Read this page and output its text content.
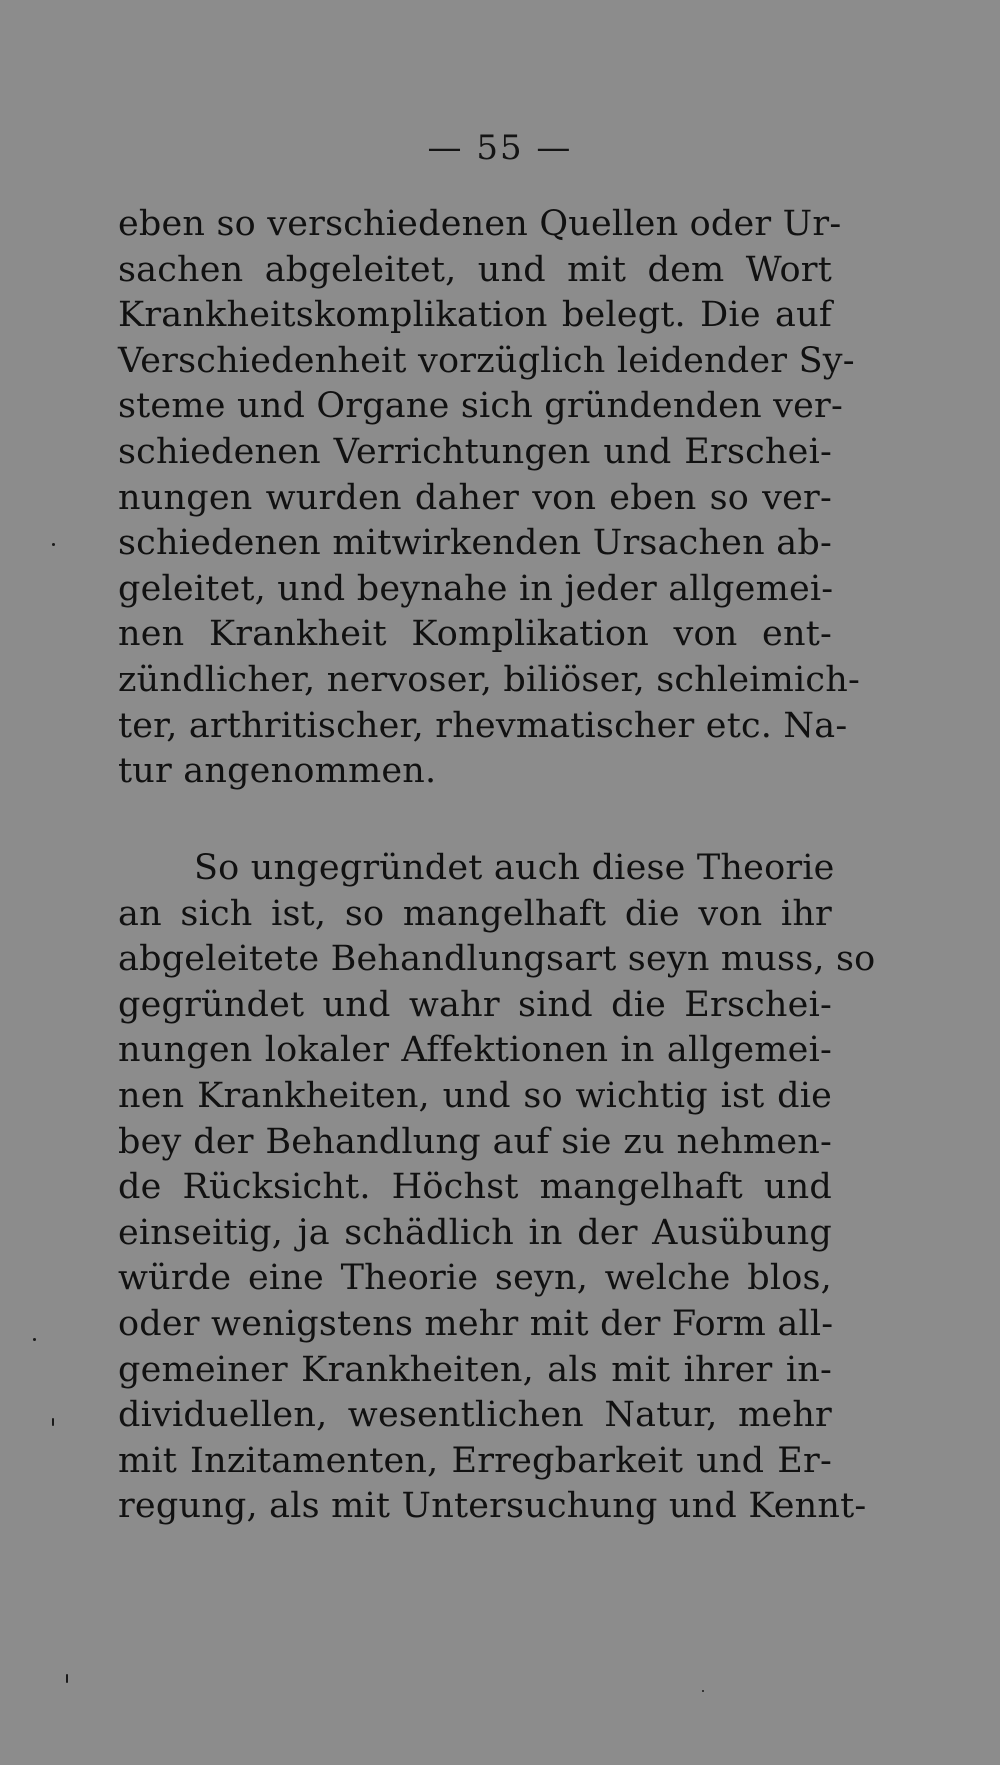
— 55 —
eben so verschiedenen Quellen oder Ur-
sachen abgeleitet, und mit dem Wort
Krankheitskomplikation belegt. Die auf
Verschiedenheit vorzüglich leidender Sy-
steme und Organe sich gründenden ver-
schiedenen Verrichtungen und Erschei-
nungen wurden daher von eben so ver-
schiedenen mitwirkenden Ursachen ab-
geleitet, und beynahe in jeder allgemei-
nen Krankheit Komplikation von ent-
zündlicher, nervoser, biliöser, schleimich-
ter, arthritischer, rhevmatischer etc. Na-
tur angenommen.
So ungegründet auch diese Theorie
an sich ist, so mangelhaft die von ihr
abgeleitete Behandlungsart seyn muss, so
gegründet und wahr sind die Erschei-
nungen lokaler Affektionen in allgemei-
nen Krankheiten, und so wichtig ist die
bey der Behandlung auf sie zu nehmen-
de Rücksicht. Höchst mangelhaft und
einseitig, ja schädlich in der Ausübung
würde eine Theorie seyn, welche blos,
oder wenigstens mehr mit der Form all-
gemeiner Krankheiten, als mit ihrer in-
dividuellen, wesentlichen Natur, mehr
mit Inzitamenten, Erregbarkeit und Er-
regung, als mit Untersuchung und Kennt-
